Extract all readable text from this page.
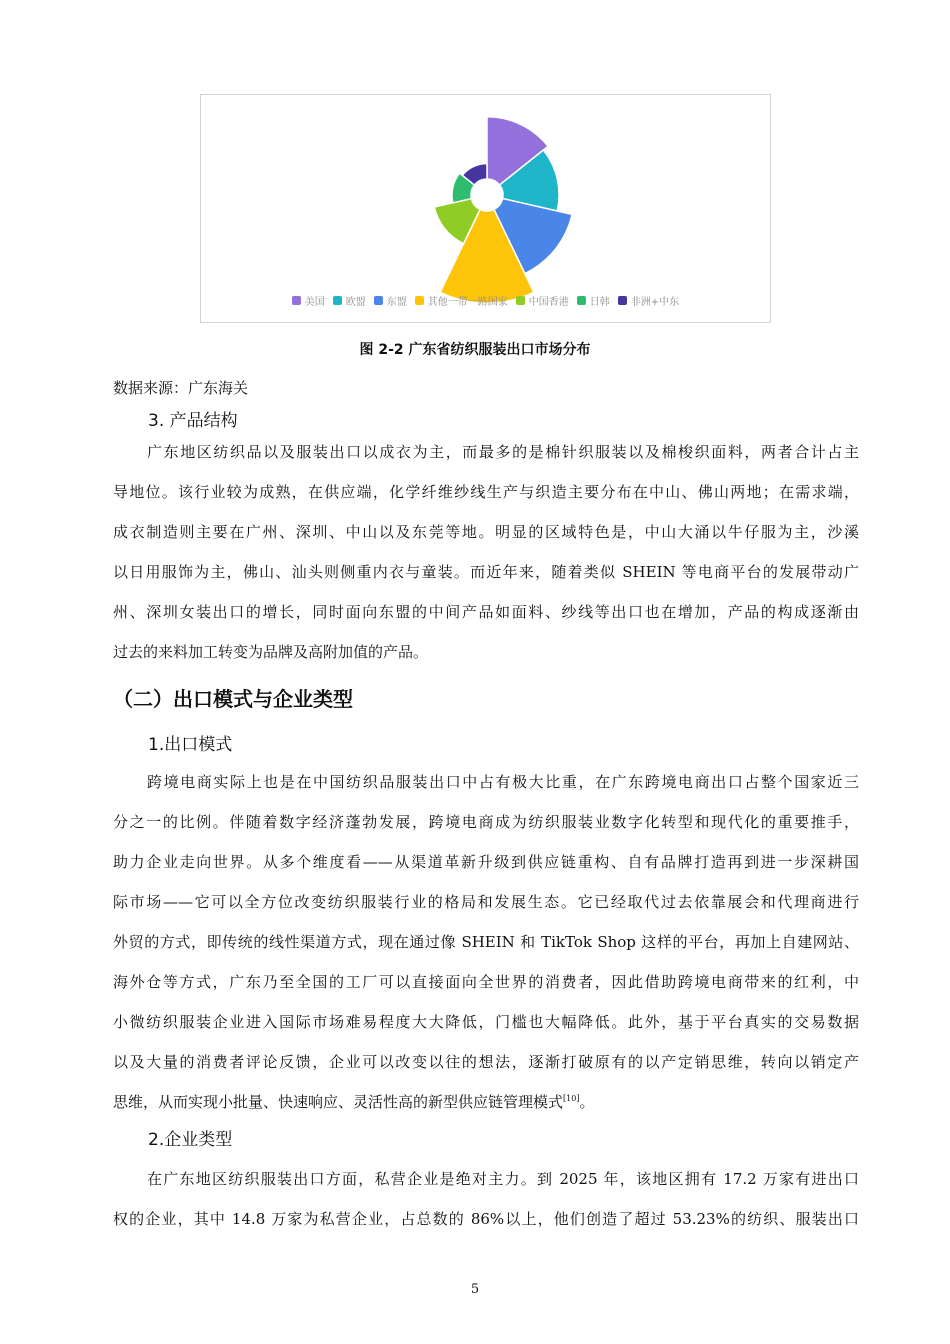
美国 欧盟 东盟 其他一带一路国家 中国香港 日韩 非洲+中东
图 2-2 广东省纺织服装出口市场分布
数据来源：广东海关
3. 产品结构
广东地区纺织品以及服装出口以成衣为主，而最多的是棉针织服装以及棉梭织面料，两者合计占主
导地位。该行业较为成熟，在供应端，化学纤维纱线生产与织造主要分布在中山、佛山两地；在需求端，
成衣制造则主要在广州、深圳、中山以及东莞等地。明显的区域特色是，中山大涌以牛仔服为主，沙溪
以日用服饰为主，佛山、汕头则侧重内衣与童装。而近年来，随着类似 SHEIN 等电商平台的发展带动广
州、深圳女装出口的增长，同时面向东盟的中间产品如面料、纱线等出口也在增加，产品的构成逐渐由
过去的来料加工转变为品牌及高附加值的产品。
（二）出口模式与企业类型
1.出口模式
跨境电商实际上也是在中国纺织品服装出口中占有极大比重，在广东跨境电商出口占整个国家近三
分之一的比例。伴随着数字经济蓬勃发展，跨境电商成为纺织服装业数字化转型和现代化的重要推手，
助力企业走向世界。从多个维度看——从渠道革新升级到供应链重构、自有品牌打造再到进一步深耕国
际市场——它可以全方位改变纺织服装行业的格局和发展生态。它已经取代过去依靠展会和代理商进行
外贸的方式，即传统的线性渠道方式，现在通过像 SHEIN 和 TikTok Shop 这样的平台，再加上自建网站、
海外仓等方式，广东乃至全国的工厂可以直接面向全世界的消费者，因此借助跨境电商带来的红利，中
小微纺织服装企业进入国际市场难易程度大大降低，门槛也大幅降低。此外，基于平台真实的交易数据
以及大量的消费者评论反馈，企业可以改变以往的想法，逐渐打破原有的以产定销思维，转向以销定产
思维，从而实现小批量、快速响应、灵活性高的新型供应链管理模式[10]。
2.企业类型
在广东地区纺织服装出口方面，私营企业是绝对主力。到 2025 年，该地区拥有 17.2 万家有进出口
权的企业，其中 14.8 万家为私营企业，占总数的 86%以上，他们创造了超过 53.23%的纺织、服装出口
5
